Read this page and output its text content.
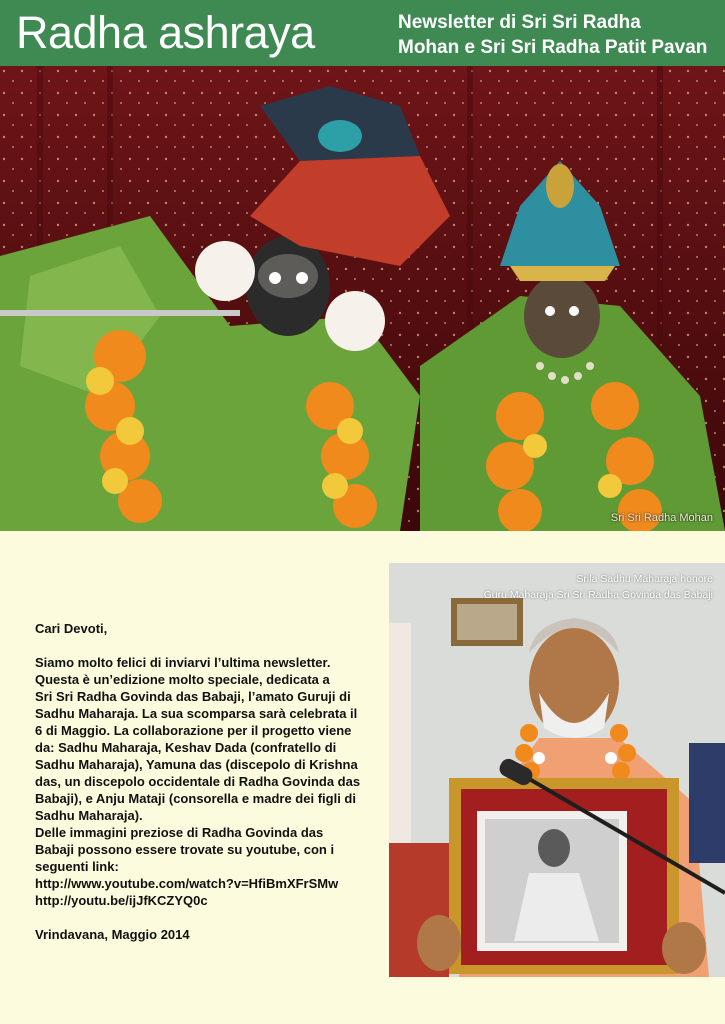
Radha ashraya	Newsletter di Sri Sri Radha
Mohan e Sri Sri Radha Patit Pavan
Sri Sri Radha Mohan

Cari Devoti,

Siamo molto felici di inviarvi l’ultima newsletter.

Questa è un’edizione molto speciale, dedicata a

Sri Sri Radha Govinda das Babaji, l’amato Guruji di

Sadhu Maharaja. La sua scomparsa sarà celebrata il

6 di Maggio. La collaborazione per il progetto viene

da: Sadhu Maharaja, Keshav Dada (confratello di

Sadhu Maharaja), Yamuna das (discepolo di Krishna

das, un discepolo occidentale di Radha Govinda das

Babaji), e Anju Mataji (consorella e madre dei figli di

Sadhu Maharaja).

Delle immagini preziose di Radha Govinda das

Babaji possono essere trovate su youtube, con i

seguenti link:

http://www.youtube.com/watch?v=HfiBmXFrSMw

http://youtu.be/ijJfKCZYQ0c

Vrindavana, Maggio 2014

Srila Sadhu Maharaja honore
Guru Maharaja Sri Sri Radha Govinda das Babaji
